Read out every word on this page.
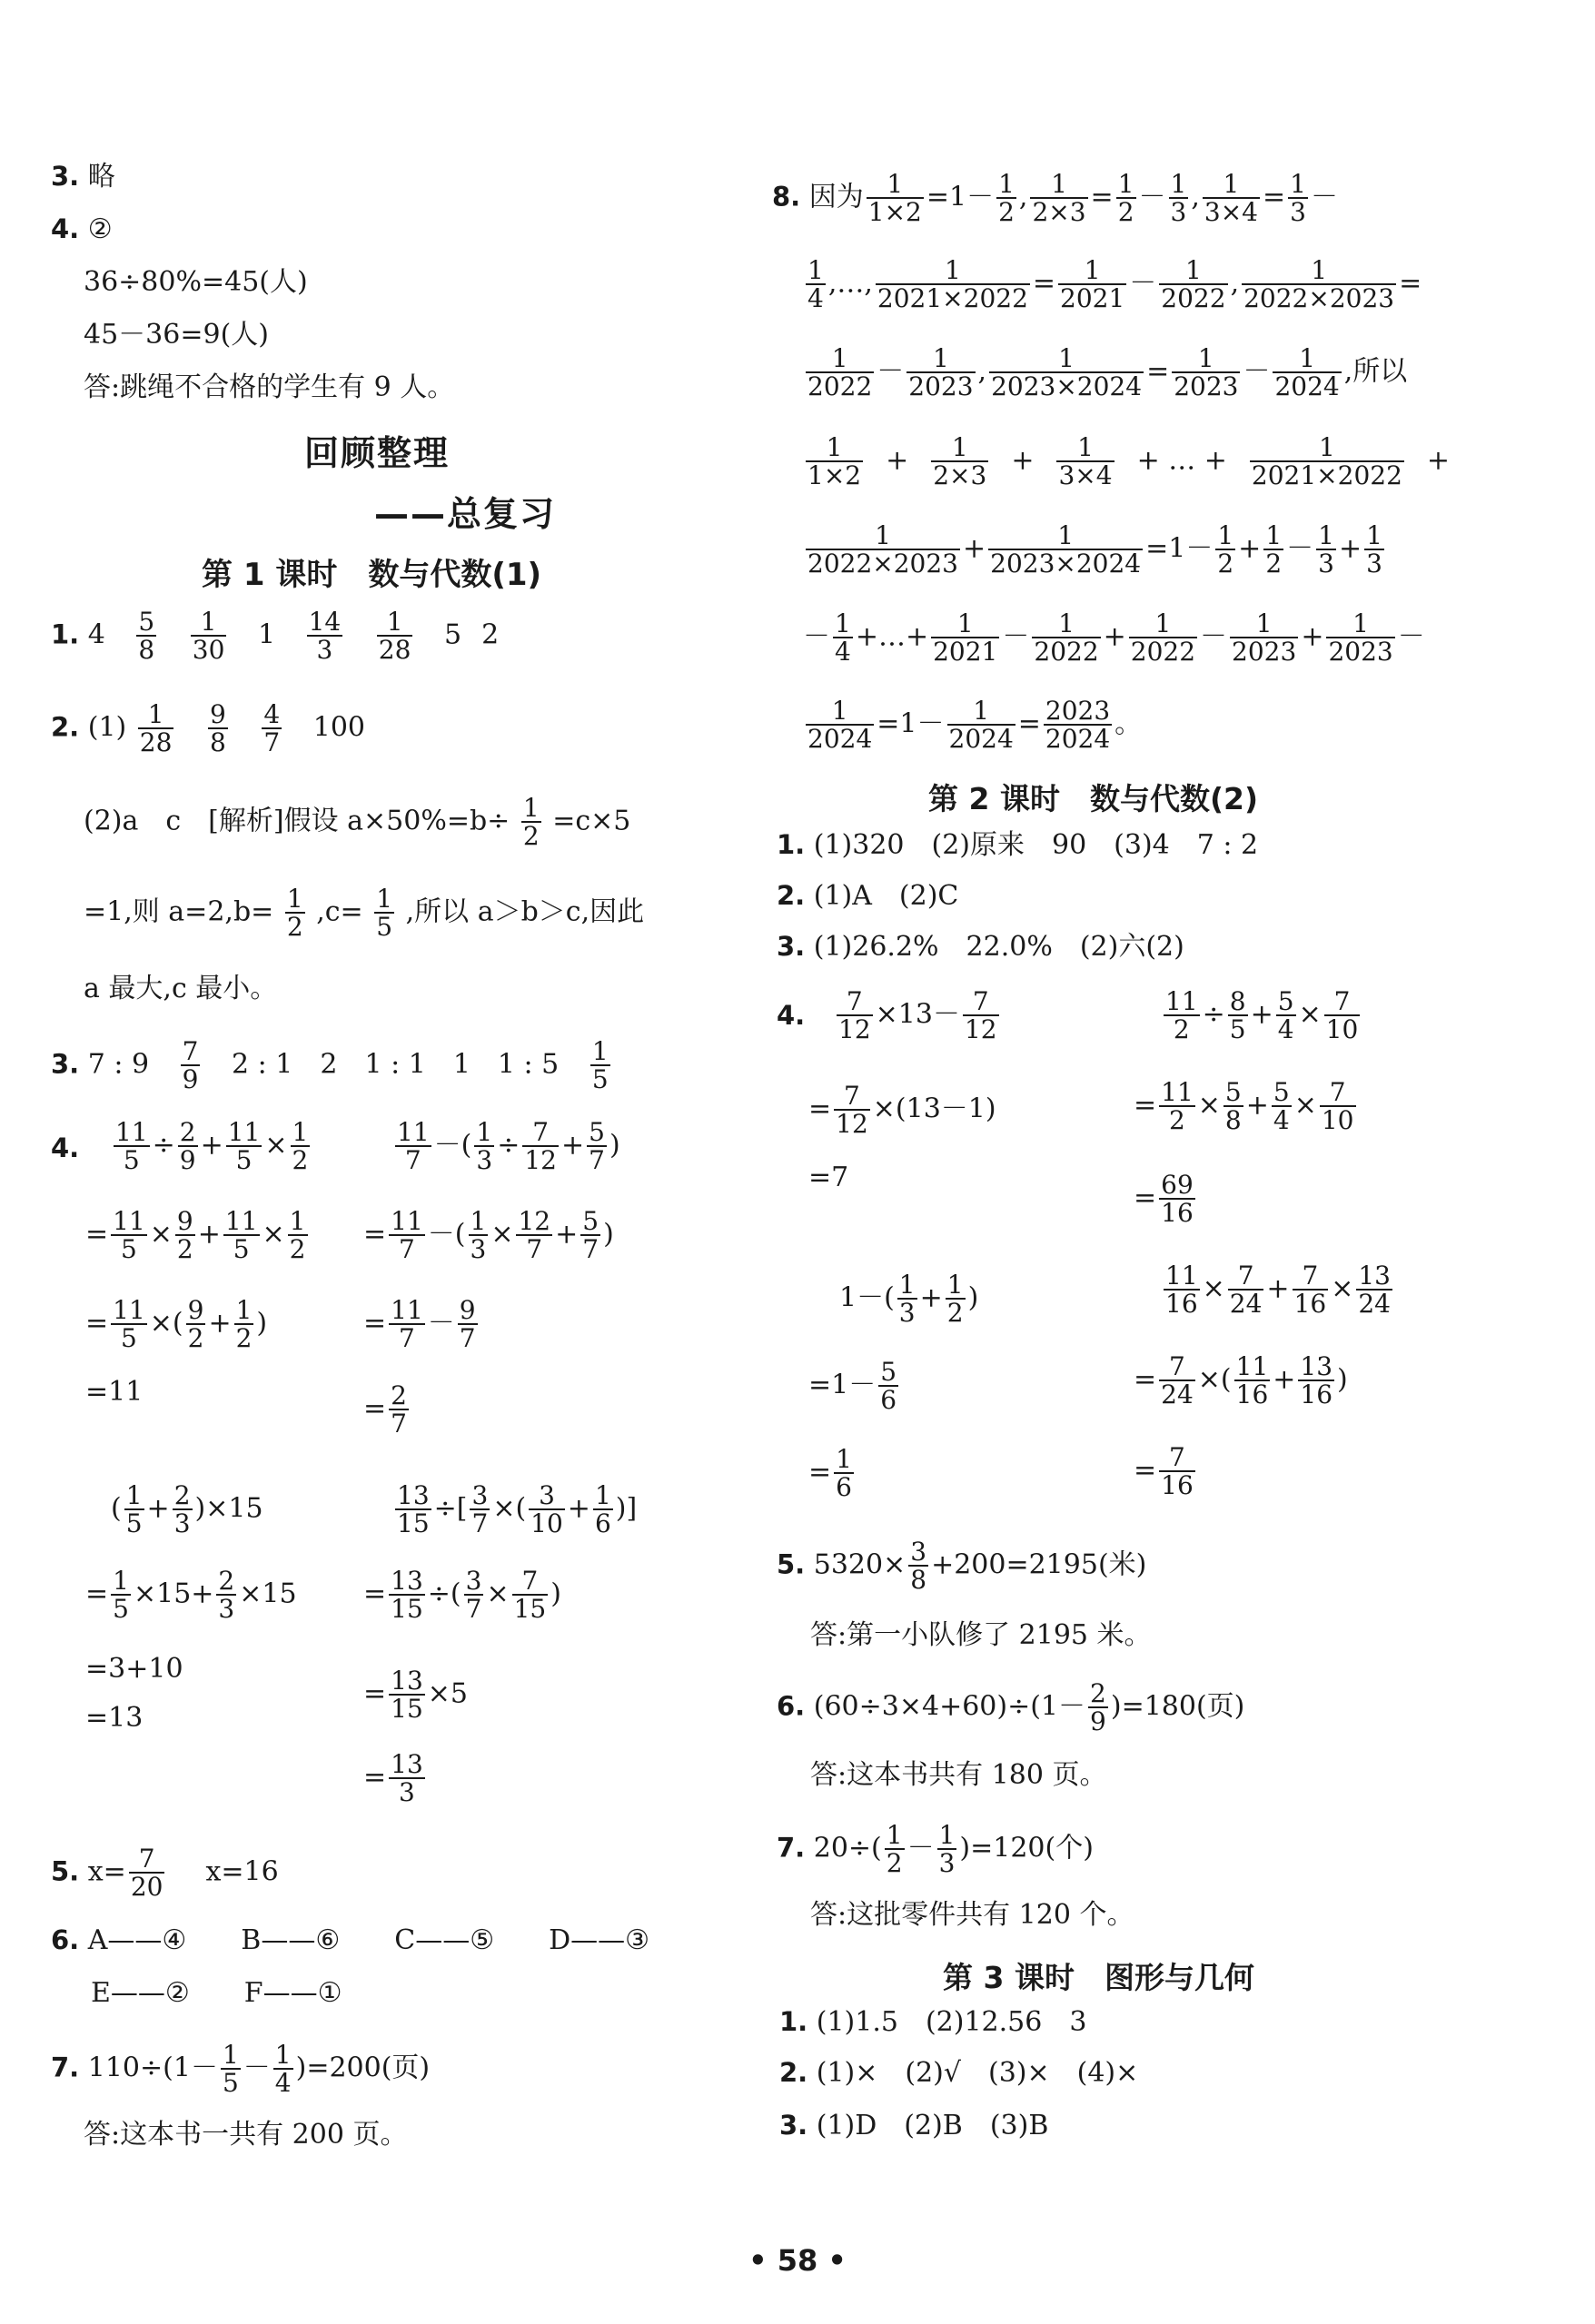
3. 略
4. ②
36÷80%=45(人)
45－36=9(人)
答:跳绳不合格的学生有 9 人。
回顾整理
——总复习
第 1 课时　数与代数(1)
1. $4 \frac{5}{8}$
$\frac{1}{30} 1 \frac{14}{3}$
$\frac{1}{28} 5$ 2
2. $(1) \frac{1}{28}$
$\frac{9}{8}$
$\frac{4}{7} 100$
(2)a　c　[解析]假设 $a\times 50\%=b\div \frac{1}{2} =c\times 5$
=1,则 $a=2,b= \frac{1}{2} ,c= \frac{1}{5}$ ,所以 a＞b＞c,因此
a 最大,c 最小。
3. 7 : $9 \frac{7}{9} 2$ : 1　2　1 : 1　1　1 : $5 \frac{1}{5}$
4. $\frac{11}{5} \div \frac{2}{9} + \frac{11}{5} \times \frac{1}{2}$
= $\frac{11}{5} \times \frac{9}{2} + \frac{11}{5} \times \frac{1}{2}$
= $\frac{11}{5}$ ×( $\frac{9}{2} + \frac{1}{2}$ )
=11
$\frac{11}{7}$ －( $\frac{1}{3} \div \frac{7}{12} + \frac{5}{7}$ )
= $\frac{11}{7}$ －( $\frac{1}{3} \times \frac{12}{7} + \frac{5}{7}$ )
= $\frac{11}{7} - \frac{9}{7}$
= $\frac{2}{7}$
( $\frac{1}{5} + \frac{2}{3} )\times 15$
= $\frac{1}{5} \times 15+ \frac{2}{3} \times 15$
=3+10
=13
$\frac{13}{15}$ ÷[ $\frac{3}{7}$ ×( $\frac{3}{10} + \frac{1}{6}$ )]
= $\frac{13}{15}$ ÷( $\frac{3}{7} \times \frac{7}{15}$ )
= $\frac{13}{15} \times 5$
= $\frac{13}{3}$
5. $x= \frac{7}{20} x=16$
6. A——④　　B——⑥　　C——⑤　　D——③
E——②　　F——①
7. $110\div(1- \frac{1}{5} - \frac{1}{4} )=200$(页)
答:这本书一共有 200 页。
8. 因为 $\frac{1}{1\times 2} =1- \frac{1}{2}$ , $\frac{1}{2\times 3} = \frac{1}{2} - \frac{1}{3}$ , $\frac{1}{3\times 4} = \frac{1}{3}$ －
$\frac{1}{4}$ ,…, $\frac{1}{2021\times 2022} = \frac{1}{2021} - \frac{1}{2022}$ , $\frac{1}{2022\times 2023}$ =
$\frac{1}{2022} - \frac{1}{2023}$ , $\frac{1}{2023\times 2024} = \frac{1}{2023} - \frac{1}{2024}$ ,所以
$\frac{1}{1\times 2} + \frac{1}{2\times 3} + \frac{1}{3\times 4}$ + … + $\frac{1}{2021\times 2022}$ +
$\frac{1}{2022\times 2023} + \frac{1}{2023\times 2024} =1- \frac{1}{2} + \frac{1}{2} - \frac{1}{3} + \frac{1}{3}$
－ $\frac{1}{4}$ +…+ $\frac{1}{2021} - \frac{1}{2022} + \frac{1}{2022} - \frac{1}{2023} + \frac{1}{2023}$ －
$\frac{1}{2024} =1- \frac{1}{2024} = \frac{2023}{2024}$ 。
第 2 课时　数与代数(2)
1. (1)320　(2)原来　90　(3)4　7 : 2
2. (1)A　(2)C
3. (1)26.2%　22.0%　(2)六(2)
4. $\frac{7}{12} \times 13- \frac{7}{12}$
= $\frac{7}{12} \times(13-1)$
=7
$\frac{11}{2} \div \frac{8}{5} + \frac{5}{4} \times \frac{7}{10}$
= $\frac{11}{2} \times \frac{5}{8} + \frac{5}{4} \times \frac{7}{10}$
= $\frac{69}{16}$
$1-( \frac{1}{3} + \frac{1}{2}$ )
$=1- \frac{5}{6}$
= $\frac{1}{6}$
$\frac{11}{16} \times \frac{7}{24} + \frac{7}{16} \times \frac{13}{24}$
= $\frac{7}{24}$ ×( $\frac{11}{16} + \frac{13}{16}$ )
= $\frac{7}{16}$
5. $5320\times \frac{3}{8} +200=2195$(米)
答:第一小队修了 2195 米。
6. $(60\div 3\times 4+60)\div(1- \frac{2}{9} )=180$(页)
答:这本书共有 180 页。
7. $20\div( \frac{1}{2} - \frac{1}{3} )=120$(个)
答:这批零件共有 120 个。
第 3 课时　图形与几何
1. (1)1.5　(2)12.56　3
2. (1)×　(2)√　(3)×　(4)×
3. (1)D　(2)B　(3)B
• 58 •
